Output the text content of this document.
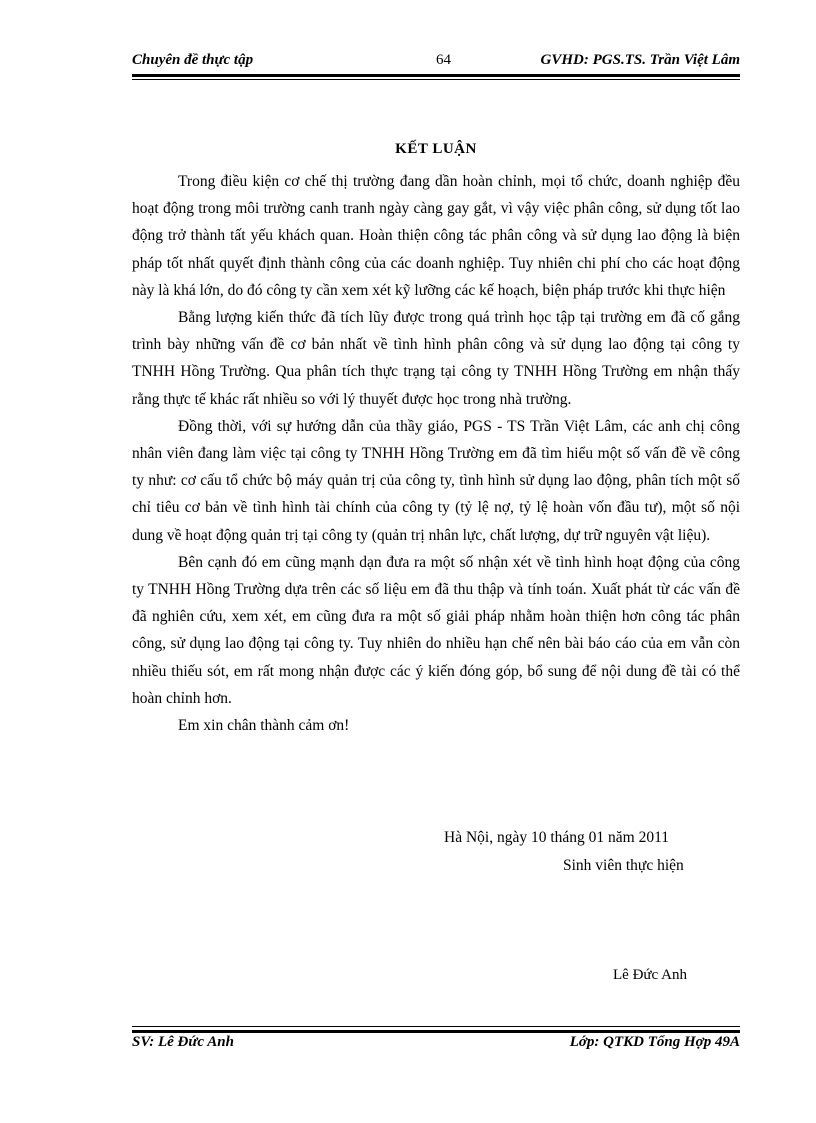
Chuyên đề thực tập	64	GVHD: PGS.TS. Trần Việt Lâm
KẾT LUẬN

Trong điều kiện cơ chế thị trường đang dần hoàn chỉnh, mọi tổ chức, doanh nghiệp đều hoạt động trong môi trường canh tranh ngày càng gay gắt, vì vậy việc phân công, sử dụng tốt lao động trở thành tất yếu khách quan. Hoàn thiện công tác phân công và sử dụng lao động là biện pháp tốt nhất quyết định thành công của các doanh nghiệp. Tuy nhiên chi phí cho các hoạt động này là khá lớn, do đó công ty cần xem xét kỹ lưỡng các kế hoạch, biện pháp trước khi thực hiện

Bằng lượng kiến thức đã tích lũy được trong quá trình học tập tại trường em đã cố gắng trình bày những vấn đề cơ bản nhất về tình hình phân công và sử dụng lao động tại công ty TNHH Hồng Trường. Qua phân tích thực trạng tại công ty TNHH Hồng Trường em nhận thấy rằng thực tế khác rất nhiều so với lý thuyết được học trong nhà trường.

Đồng thời, với sự hướng dẫn của thầy giáo, PGS - TS Trần Việt Lâm, các anh chị công nhân viên đang làm việc tại công ty TNHH Hồng Trường em đã tìm hiểu một số vấn đề về công ty như: cơ cấu tổ chức bộ máy quản trị của công ty, tình hình sử dụng lao động, phân tích một số chỉ tiêu cơ bản về tình hình tài chính của công ty (tỷ lệ nợ, tỷ lệ hoàn vốn đầu tư), một số nội dung về hoạt động quản trị tại công ty (quản trị nhân lực, chất lượng, dự trữ nguyên vật liệu).

Bên cạnh đó em cũng mạnh dạn đưa ra một số nhận xét về tình hình hoạt động của công ty TNHH Hồng Trường dựa trên các số liệu em đã thu thập và tính toán. Xuất phát từ các vấn đề đã nghiên cứu, xem xét, em cũng đưa ra một số giải pháp nhằm hoàn thiện hơn công tác phân công, sử dụng lao động tại công ty. Tuy nhiên do nhiều hạn chế nên bài báo cáo của em vẫn còn nhiều thiếu sót, em rất mong nhận được các ý kiến đóng góp, bổ sung để nội dung đề tài có thể hoàn chỉnh hơn.

Em xin chân thành cảm ơn!

Hà Nội, ngày 10 tháng 01 năm 2011
Sinh viên thực hiện
Lê Đức Anh
SV: Lê Đức Anh	Lớp: QTKD Tổng Hợp 49A
